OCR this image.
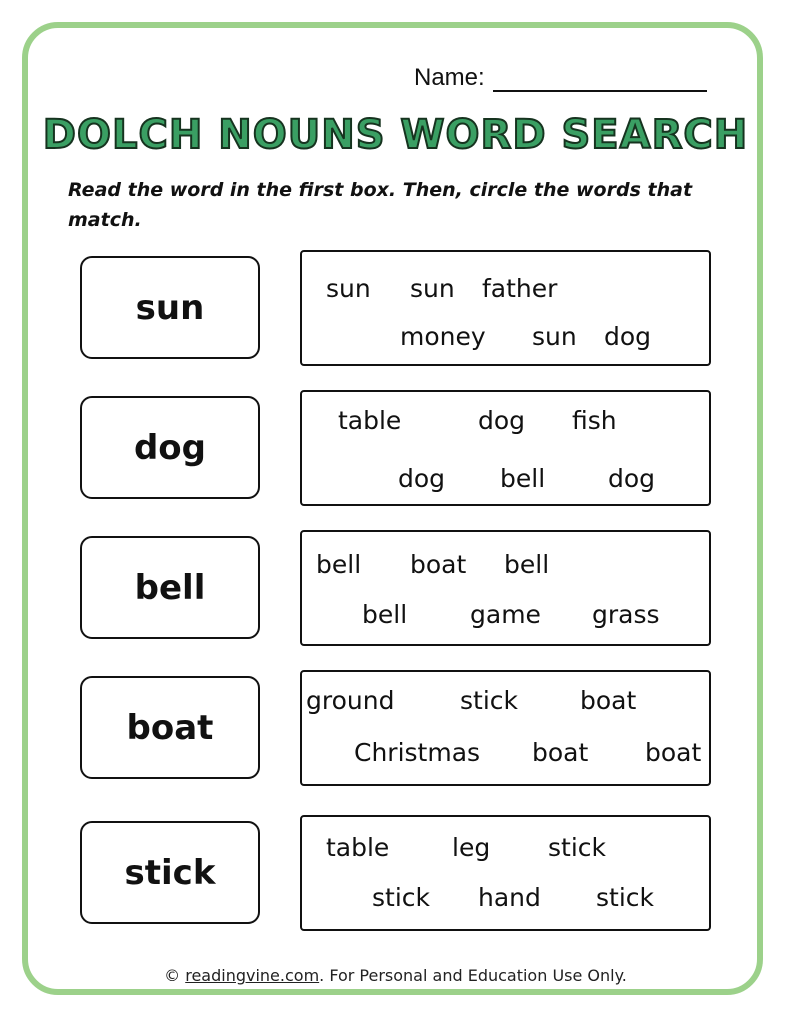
Name:
DOLCH NOUNS WORD SEARCH
Read the word in the first box. Then, circle the words that match.
sun	sun sun father
money sun dog
dog
table	dog fish
dog bell	dog
bell
bell boat bell
bell	game grass
boat
ground	stick boat
Christmas boat boat
stick
table	leg stick
stick hand stick
© readingvine.com. For Personal and Education Use Only.
